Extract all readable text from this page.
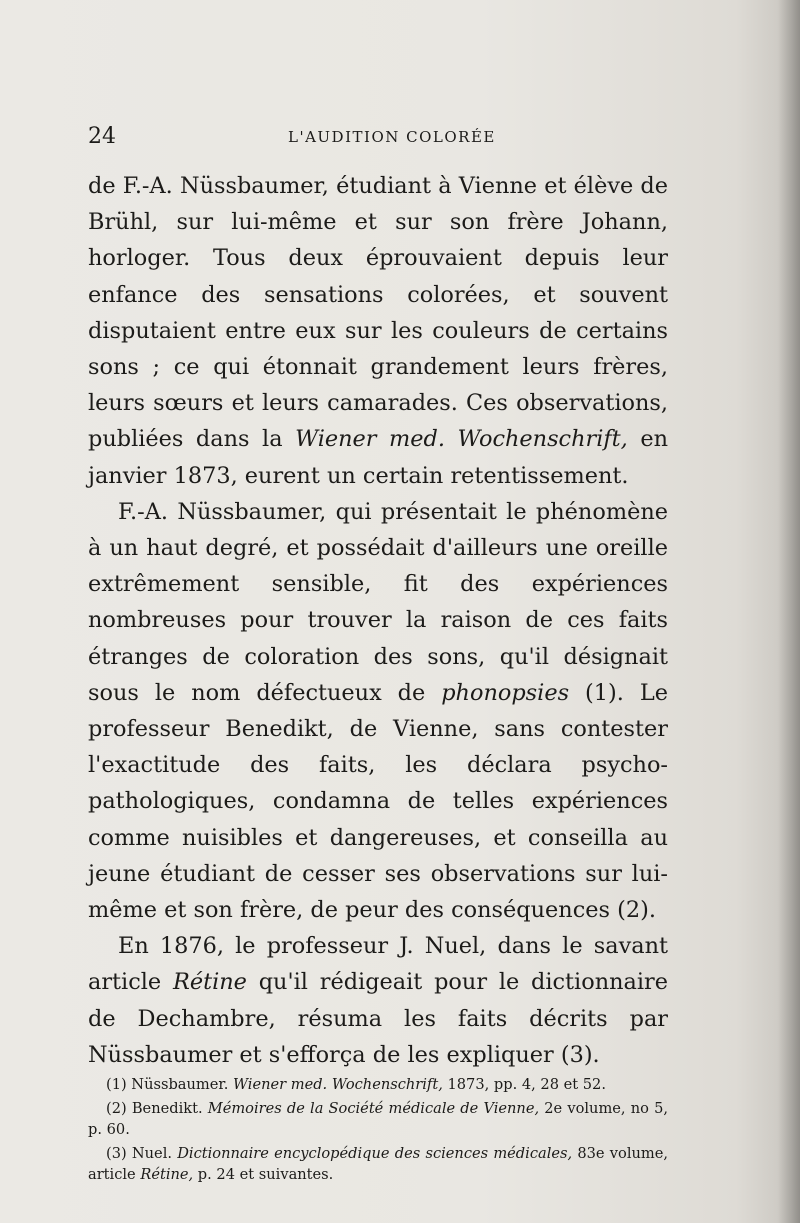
24	L'AUDITION COLORÉE

de F.-A. Nüssbaumer, étudiant à Vienne et élève de Brühl, sur lui-même et sur son frère Johann, horloger. Tous deux éprouvaient depuis leur enfance des sensations colorées, et souvent disputaient entre eux sur les couleurs de certains sons ; ce qui étonnait grandement leurs frères, leurs sœurs et leurs camarades. Ces observations, publiées dans la Wiener med. Wochenschrift, en janvier 1873, eurent un certain retentissement.

F.-A. Nüssbaumer, qui présentait le phénomène à un haut degré, et possédait d'ailleurs une oreille extrêmement sensible, fit des expériences nombreuses pour trouver la raison de ces faits étranges de coloration des sons, qu'il désignait sous le nom défectueux de phonopsies (1). Le professeur Benedikt, de Vienne, sans contester l'exactitude des faits, les déclara psycho-pathologiques, condamna de telles expériences comme nuisibles et dangereuses, et conseilla au jeune étudiant de cesser ses observations sur lui-même et son frère, de peur des conséquences (2).

En 1876, le professeur J. Nuel, dans le savant article Rétine qu'il rédigeait pour le dictionnaire de Dechambre, résuma les faits décrits par Nüssbaumer et s'efforça de les expliquer (3).

(1) Nüssbaumer. Wiener med. Wochenschrift, 1873, pp. 4, 28 et 52.

(2) Benedikt. Mémoires de la Société médicale de Vienne, 2e volume, no 5, p. 60.

(3) Nuel. Dictionnaire encyclopédique des sciences médicales, 83e volume, article Rétine, p. 24 et suivantes.
